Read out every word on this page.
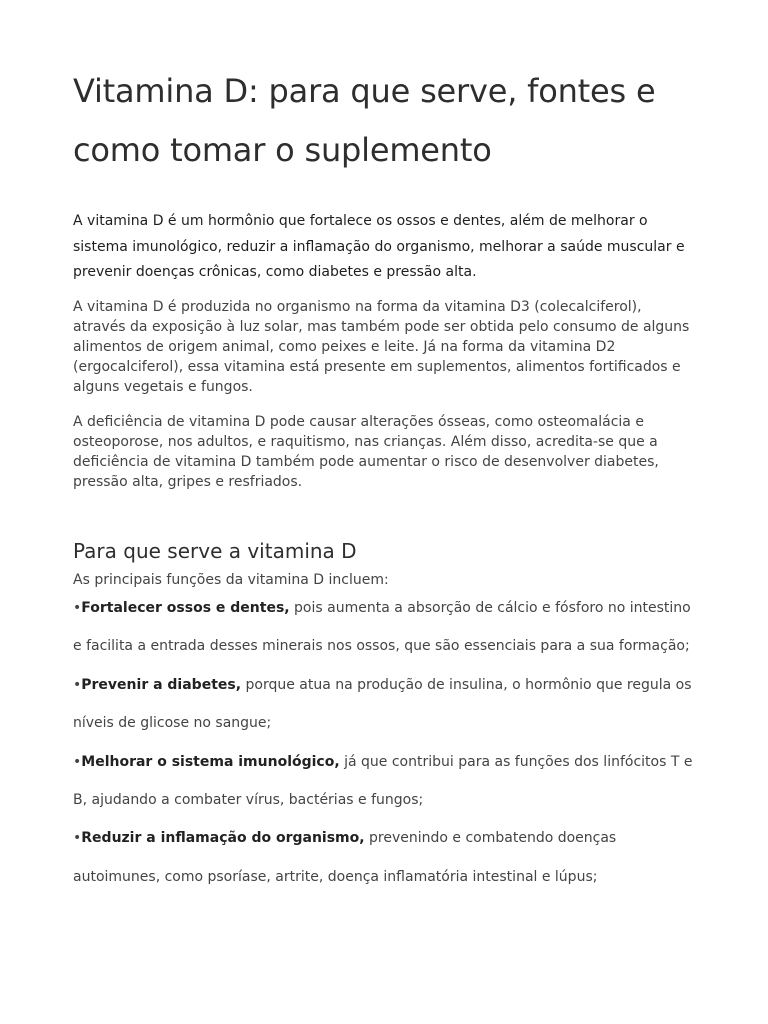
Vitamina D: para que serve, fontes e como tomar o suplemento

A vitamina D é um hormônio que fortalece os ossos e dentes, além de melhorar o sistema imunológico, reduzir a inflamação do organismo, melhorar a saúde muscular e prevenir doenças crônicas, como diabetes e pressão alta.

A vitamina D é produzida no organismo na forma da vitamina D3 (colecalciferol), através da exposição à luz solar, mas também pode ser obtida pelo consumo de alguns alimentos de origem animal, como peixes e leite. Já na forma da vitamina D2 (ergocalciferol), essa vitamina está presente em suplementos, alimentos fortificados e alguns vegetais e fungos.

A deficiência de vitamina D pode causar alterações ósseas, como osteomalácia e osteoporose, nos adultos, e raquitismo, nas crianças. Além disso, acredita-se que a deficiência de vitamina D também pode aumentar o risco de desenvolver diabetes, pressão alta, gripes e resfriados.

Para que serve a vitamina D

As principais funções da vitamina D incluem:

•Fortalecer ossos e dentes, pois aumenta a absorção de cálcio e fósforo no intestino e facilita a entrada desses minerais nos ossos, que são essenciais para a sua formação;
•Prevenir a diabetes, porque atua na produção de insulina, o hormônio que regula os níveis de glicose no sangue;
•Melhorar o sistema imunológico, já que contribui para as funções dos linfócitos T e B, ajudando a combater vírus, bactérias e fungos;
•Reduzir a inflamação do organismo, prevenindo e combatendo doenças autoimunes, como psoríase, artrite, doença inflamatória intestinal e lúpus;
